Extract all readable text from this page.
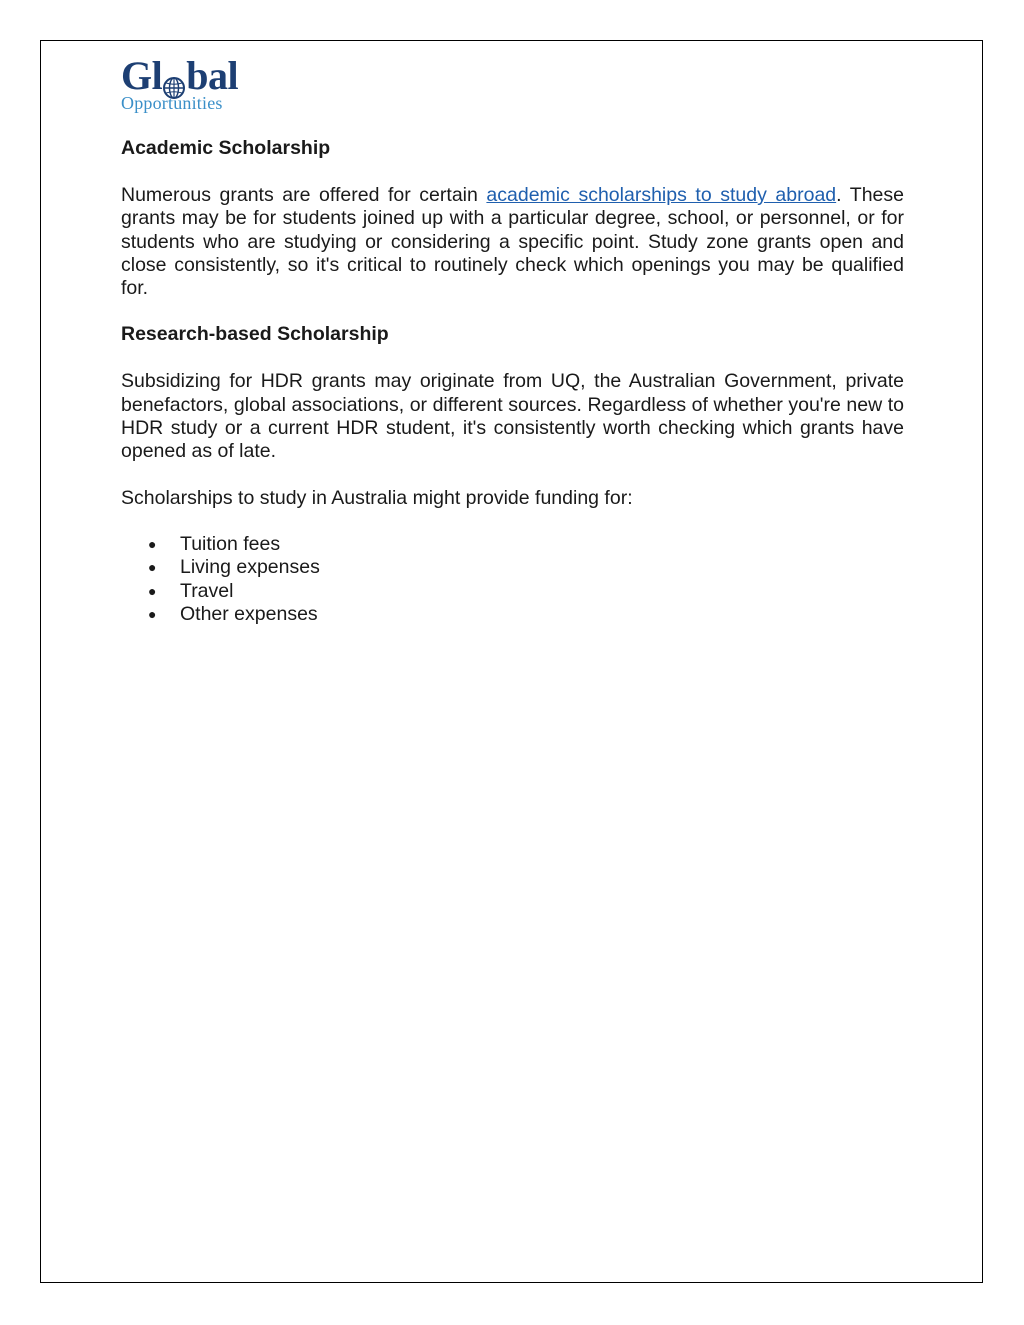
Gl bal
Opportunities

Academic Scholarship

Numerous grants are offered for certain academic scholarships to study abroad. These grants may be for students joined up with a particular degree, school, or personnel, or for students who are studying or considering a specific point. Study zone grants open and close consistently, so it's critical to routinely check which openings you may be qualified for.

Research-based Scholarship

Subsidizing for HDR grants may originate from UQ, the Australian Government, private benefactors, global associations, or different sources. Regardless of whether you're new to HDR study or a current HDR student, it's consistently worth checking which grants have opened as of late.

Scholarships to study in Australia might provide funding for:

● Tuition fees
● Living expenses
● Travel
● Other expenses
